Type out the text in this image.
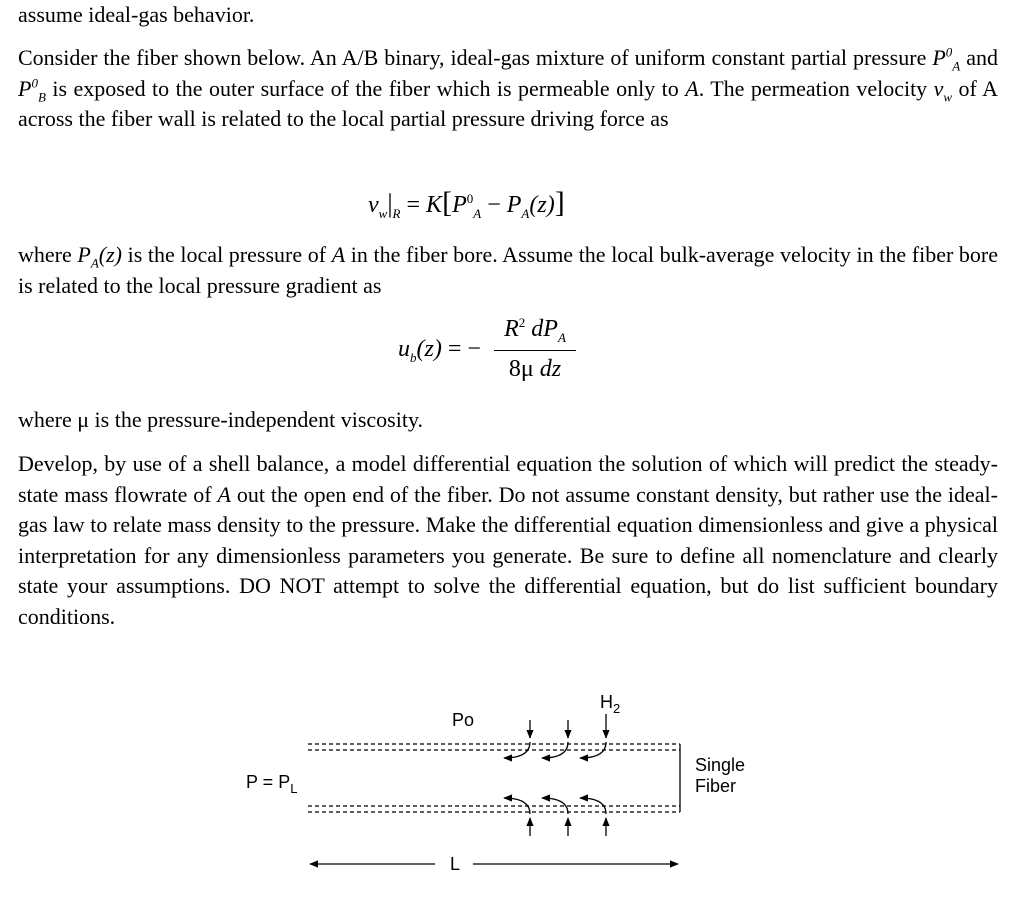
assume ideal-gas behavior.

Consider the fiber shown below. An A/B binary, ideal-gas mixture of uniform constant partial pressure $P^0_A$ and $P^0_B$ is exposed to the outer surface of the fiber which is permeable only to A. The permeation velocity $v_w$ of A across the fiber wall is related to the local partial pressure driving force as

$v_w|_R = K[P^0_A - P_A(z)]$

where $P_A(z)$ is the local pressure of A in the fiber bore. Assume the local bulk-average velocity in the fiber bore is related to the local pressure gradient as

$u_b(z)$ = −
$R^2$ $dP_A$
8μ dz

where μ is the pressure-independent viscosity.

Develop, by use of a shell balance, a model differential equation the solution of which will predict the steady-state mass flowrate of A out the open end of the fiber. Do not assume constant density, but rather use the ideal-gas law to relate mass density to the pressure. Make the differential equation dimensionless and give a physical interpretation for any dimensionless parameters you generate. Be sure to define all nomenclature and clearly state your assumptions. DO NOT attempt to solve the differential equation, but do list sufficient boundary conditions.

Po
$H_2$
$P = P_L$
Single
Fiber
L
